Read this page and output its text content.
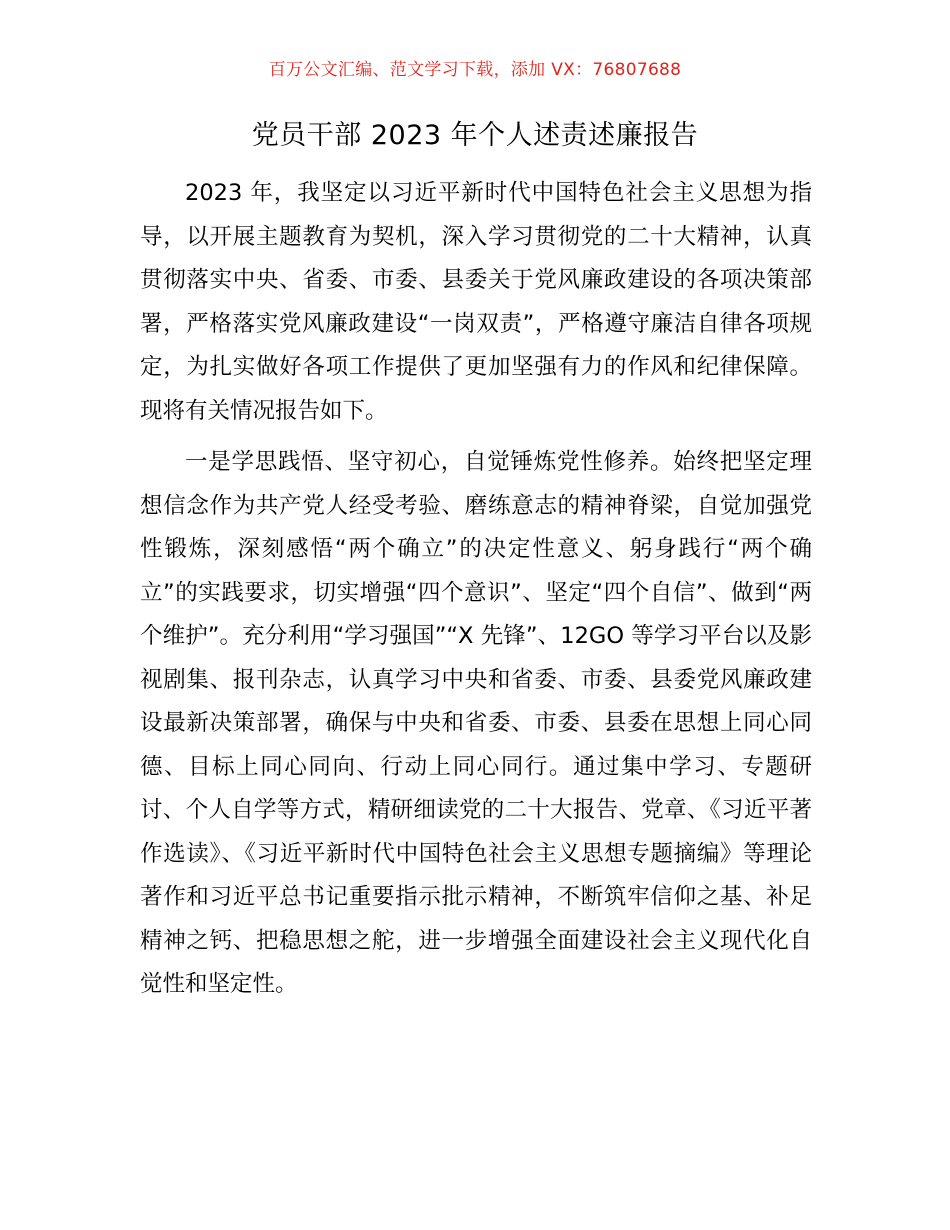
百万公文汇编、范文学习下载，添加 VX：76807688
党员干部 2023 年个人述责述廉报告

2023 年，我坚定以习近平新时代中国特色社会主义思想为指导，以开展主题教育为契机，深入学习贯彻党的二十大精神，认真贯彻落实中央、省委、市委、县委关于党风廉政建设的各项决策部署，严格落实党风廉政建设“一岗双责”，严格遵守廉洁自律各项规定，为扎实做好各项工作提供了更加坚强有力的作风和纪律保障。现将有关情况报告如下。

一是学思践悟、坚守初心，自觉锤炼党性修养。始终把坚定理想信念作为共产党人经受考验、磨练意志的精神脊梁，自觉加强党性锻炼，深刻感悟“两个确立”的决定性意义、躬身践行“两个确立”的实践要求，切实增强“四个意识”、坚定“四个自信”、做到“两个维护”。充分利用“学习强国”“X 先锋”、12GO 等学习平台以及影视剧集、报刊杂志，认真学习中央和省委、市委、县委党风廉政建设最新决策部署，确保与中央和省委、市委、县委在思想上同心同德、目标上同心同向、行动上同心同行。通过集中学习、专题研讨、个人自学等方式，精研细读党的二十大报告、党章、《习近平著作选读》、《习近平新时代中国特色社会主义思想专题摘编》等理论著作和习近平总书记重要指示批示精神，不断筑牢信仰之基、补足精神之钙、把稳思想之舵，进一步增强全面建设社会主义现代化自觉性和坚定性。
